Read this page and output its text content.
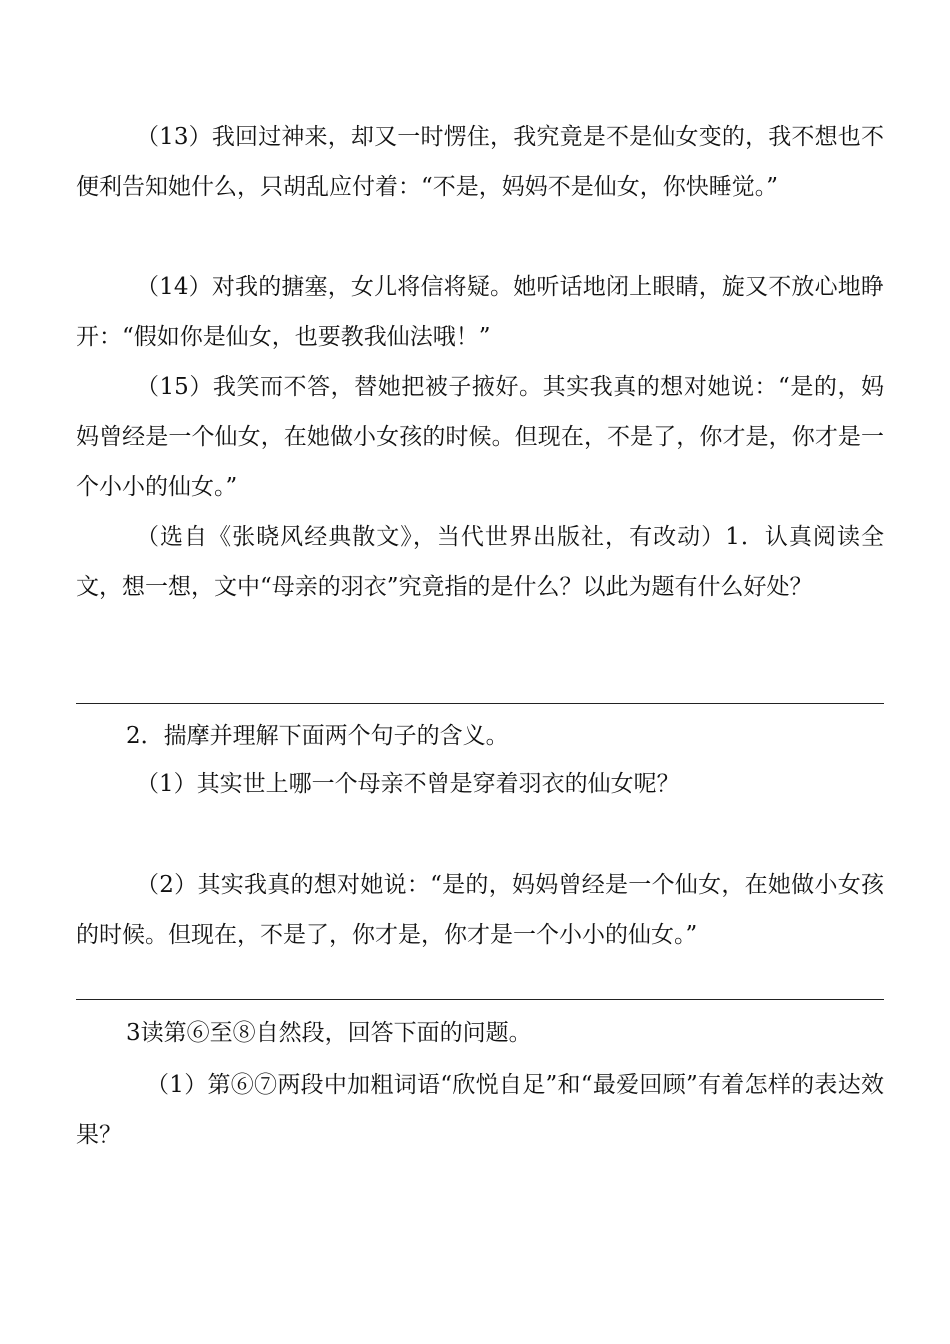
（13）我回过神来，却又一时愣住，我究竟是不是仙女变的，我不想也不便利告知她什么，只胡乱应付着：“不是，妈妈不是仙女，你快睡觉。”

（14）对我的搪塞，女儿将信将疑。她听话地闭上眼睛，旋又不放心地睁开：“假如你是仙女，也要教我仙法哦！”

（15）我笑而不答，替她把被子掖好。其实我真的想对她说：“是的，妈妈曾经是一个仙女，在她做小女孩的时候。但现在，不是了，你才是，你才是一个小小的仙女。”

（选自《张晓风经典散文》，当代世界出版社，有改动）1．认真阅读全文，想一想，文中“母亲的羽衣”究竟指的是什么？以此为题有什么好处？

2．揣摩并理解下面两个句子的含义。

（1）其实世上哪一个母亲不曾是穿着羽衣的仙女呢？

（2）其实我真的想对她说：“是的，妈妈曾经是一个仙女，在她做小女孩的时候。但现在，不是了，你才是，你才是一个小小的仙女。”

3读第⑥至⑧自然段，回答下面的问题。

（1）第⑥⑦两段中加粗词语“欣悦自足”和“最爱回顾”有着怎样的表达效果？
